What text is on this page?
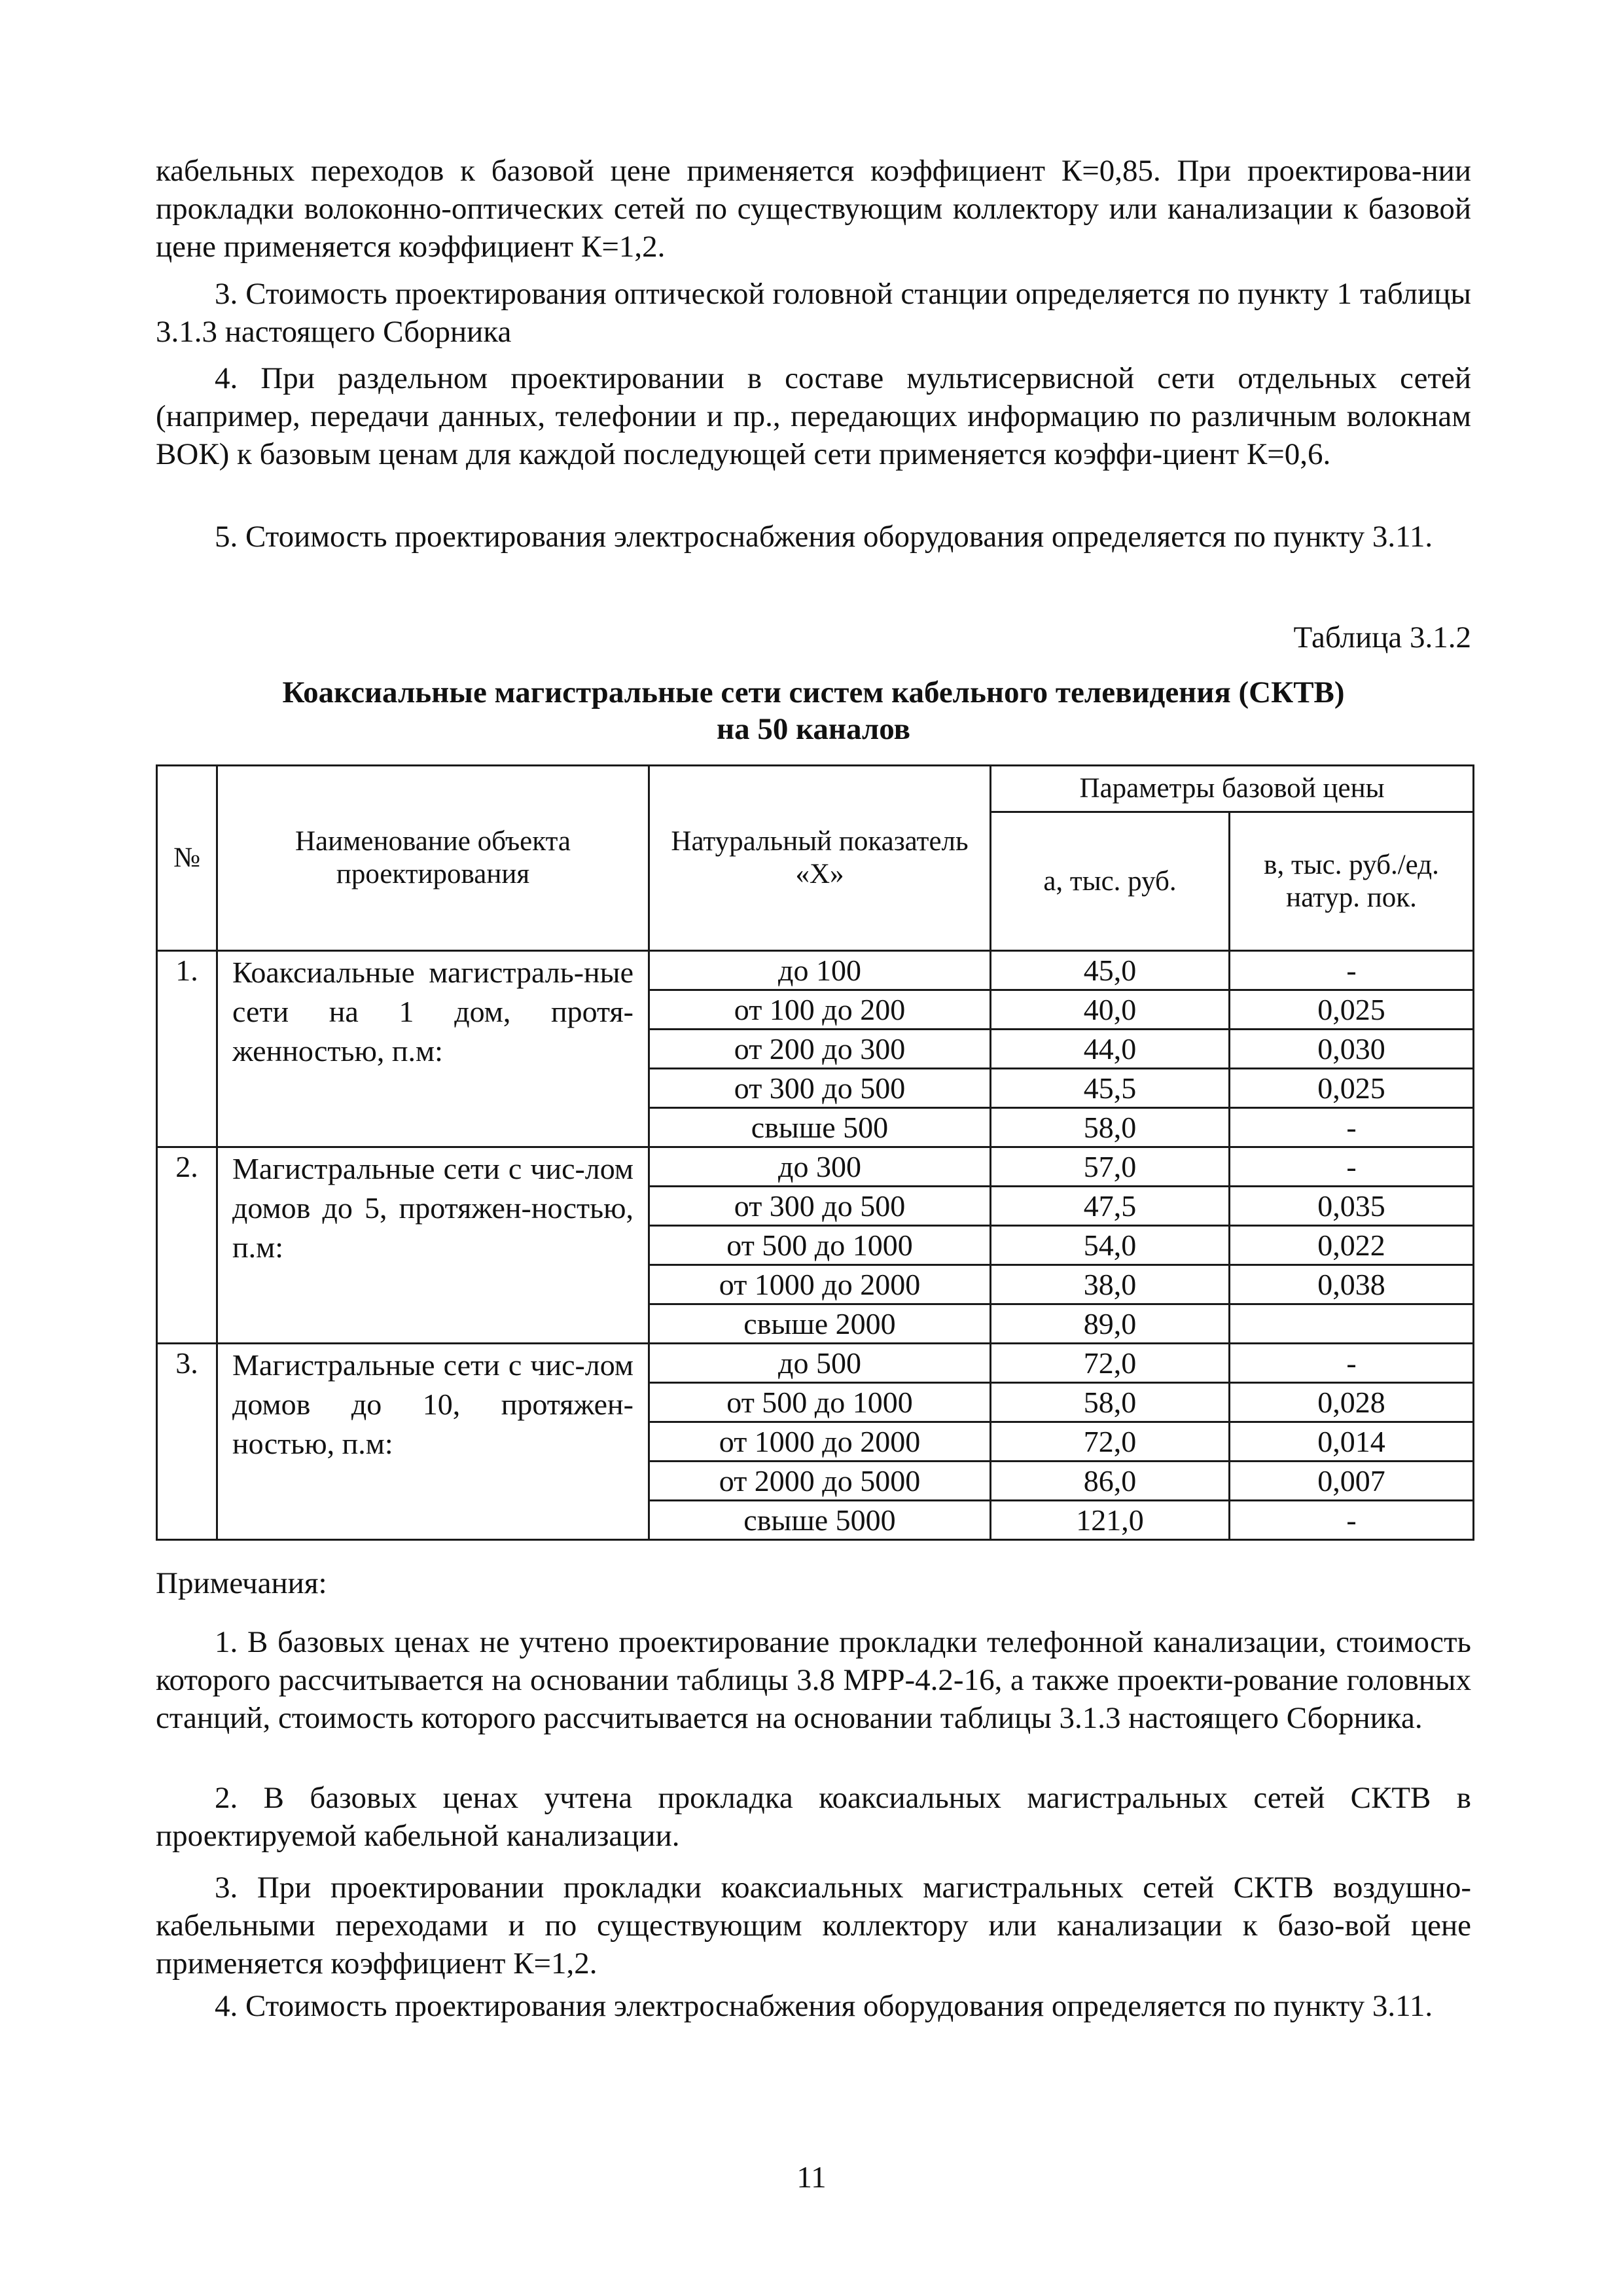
кабельных переходов к базовой цене применяется коэффициент К=0,85. При проектирова-нии прокладки волоконно-оптических сетей по существующим коллектору или канализации к базовой цене применяется коэффициент К=1,2.

3. Стоимость проектирования оптической головной станции определяется по пункту 1 таблицы 3.1.3 настоящего Сборника

4. При раздельном проектировании в составе мультисервисной сети отдельных сетей (например, передачи данных, телефонии и пр., передающих информацию по различным волокнам ВОК) к базовым ценам для каждой последующей сети применяется коэффи-циент К=0,6.

5. Стоимость проектирования электроснабжения оборудования определяется по пункту 3.11.

Таблица 3.1.2
Коаксиальные магистральные сети систем кабельного телевидения (СКТВ)
на 50 каналов
№	Наименование объекта проектирования	Натуральный показатель «X»	Параметры базовой цены	
			а, тыс. руб.	в, тыс. руб./ед. натур. пок.
1.	Коаксиальные магистраль-ные сети на 1 дом, протя-женностью, п.м:	до 100	45,0	-
		от 100 до 200	40,0	0,025
		от 200 до 300	44,0	0,030
		от 300 до 500	45,5	0,025
		свыше 500	58,0	-
2.	Магистральные сети с чис-лом домов до 5, протяжен-ностью, п.м:	до 300	57,0	-
		от 300 до 500	47,5	0,035
		от 500 до 1000	54,0	0,022
		от 1000 до 2000	38,0	0,038
		свыше 2000	89,0	
3.	Магистральные сети с чис-лом домов до 10, протяжен-ностью, п.м:	до 500	72,0	-
		от 500 до 1000	58,0	0,028
		от 1000 до 2000	72,0	0,014
		от 2000 до 5000	86,0	0,007
		свыше 5000	121,0	-
Примечания:

1. В базовых ценах не учтено проектирование прокладки телефонной канализации, стоимость которого рассчитывается на основании таблицы 3.8 МРР-4.2-16, а также проекти-рование головных станций, стоимость которого рассчитывается на основании таблицы 3.1.3 настоящего Сборника.

2. В базовых ценах учтена прокладка коаксиальных магистральных сетей СКТВ в проектируемой кабельной канализации.

3. При проектировании прокладки коаксиальных магистральных сетей СКТВ воздушно-кабельными переходами и по существующим коллектору или канализации к базо-вой цене применяется коэффициент К=1,2.

4. Стоимость проектирования электроснабжения оборудования определяется по пункту 3.11.

11
